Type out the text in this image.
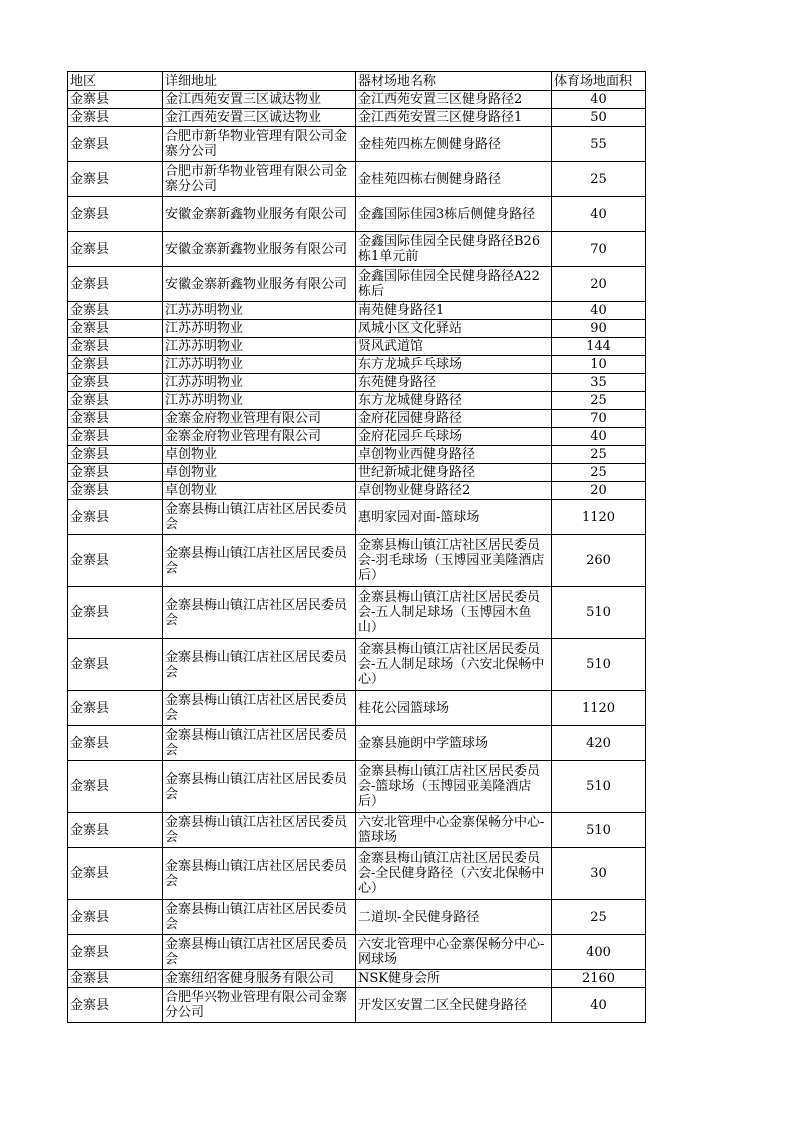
地区	详细地址	器材场地名称	体育场地面积
金寨县	金江西苑安置三区诚达物业	金江西苑安置三区健身路径2	40
金寨县	金江西苑安置三区诚达物业	金江西苑安置三区健身路径1	50
金寨县	合肥市新华物业管理有限公司金寨分公司	金桂苑四栋左侧健身路径	55
金寨县	合肥市新华物业管理有限公司金寨分公司	金桂苑四栋右侧健身路径	25
金寨县	安徽金寨新鑫物业服务有限公司	金鑫国际佳园3栋后侧健身路径	40
金寨县	安徽金寨新鑫物业服务有限公司	金鑫国际佳园全民健身路径B26栋1单元前	70
金寨县	安徽金寨新鑫物业服务有限公司	金鑫国际佳园全民健身路径A22栋后	20
金寨县	江苏苏明物业	南苑健身路径1	40
金寨县	江苏苏明物业	凤城小区文化驿站	90
金寨县	江苏苏明物业	贤风武道馆	144
金寨县	江苏苏明物业	东方龙城乒乓球场	10
金寨县	江苏苏明物业	东苑健身路径	35
金寨县	江苏苏明物业	东方龙城健身路径	25
金寨县	金寨金府物业管理有限公司	金府花园健身路径	70
金寨县	金寨金府物业管理有限公司	金府花园乒乓球场	40
金寨县	卓创物业	卓创物业西健身路径	25
金寨县	卓创物业	世纪新城北健身路径	25
金寨县	卓创物业	卓创物业健身路径2	20
金寨县	金寨县梅山镇江店社区居民委员会	惠明家园对面-篮球场	1120
金寨县	金寨县梅山镇江店社区居民委员会	金寨县梅山镇江店社区居民委员会-羽毛球场（玉博园亚美隆酒店后）	260
金寨县	金寨县梅山镇江店社区居民委员会	金寨县梅山镇江店社区居民委员会-五人制足球场（玉博园木鱼山）	510
金寨县	金寨县梅山镇江店社区居民委员会	金寨县梅山镇江店社区居民委员会-五人制足球场（六安北保畅中心）	510
金寨县	金寨县梅山镇江店社区居民委员会	桂花公园篮球场	1120
金寨县	金寨县梅山镇江店社区居民委员会	金寨县施朗中学篮球场	420
金寨县	金寨县梅山镇江店社区居民委员会	金寨县梅山镇江店社区居民委员会-篮球场（玉博园亚美隆酒店后）	510
金寨县	金寨县梅山镇江店社区居民委员会	六安北管理中心金寨保畅分中心-篮球场	510
金寨县	金寨县梅山镇江店社区居民委员会	金寨县梅山镇江店社区居民委员会-全民健身路径（六安北保畅中心）	30
金寨县	金寨县梅山镇江店社区居民委员会	二道坝-全民健身路径	25
金寨县	金寨县梅山镇江店社区居民委员会	六安北管理中心金寨保畅分中心-网球场	400
金寨县	金寨纽绍客健身服务有限公司	NSK健身会所	2160
金寨县	合肥华兴物业管理有限公司金寨分公司	开发区安置二区全民健身路径	40
